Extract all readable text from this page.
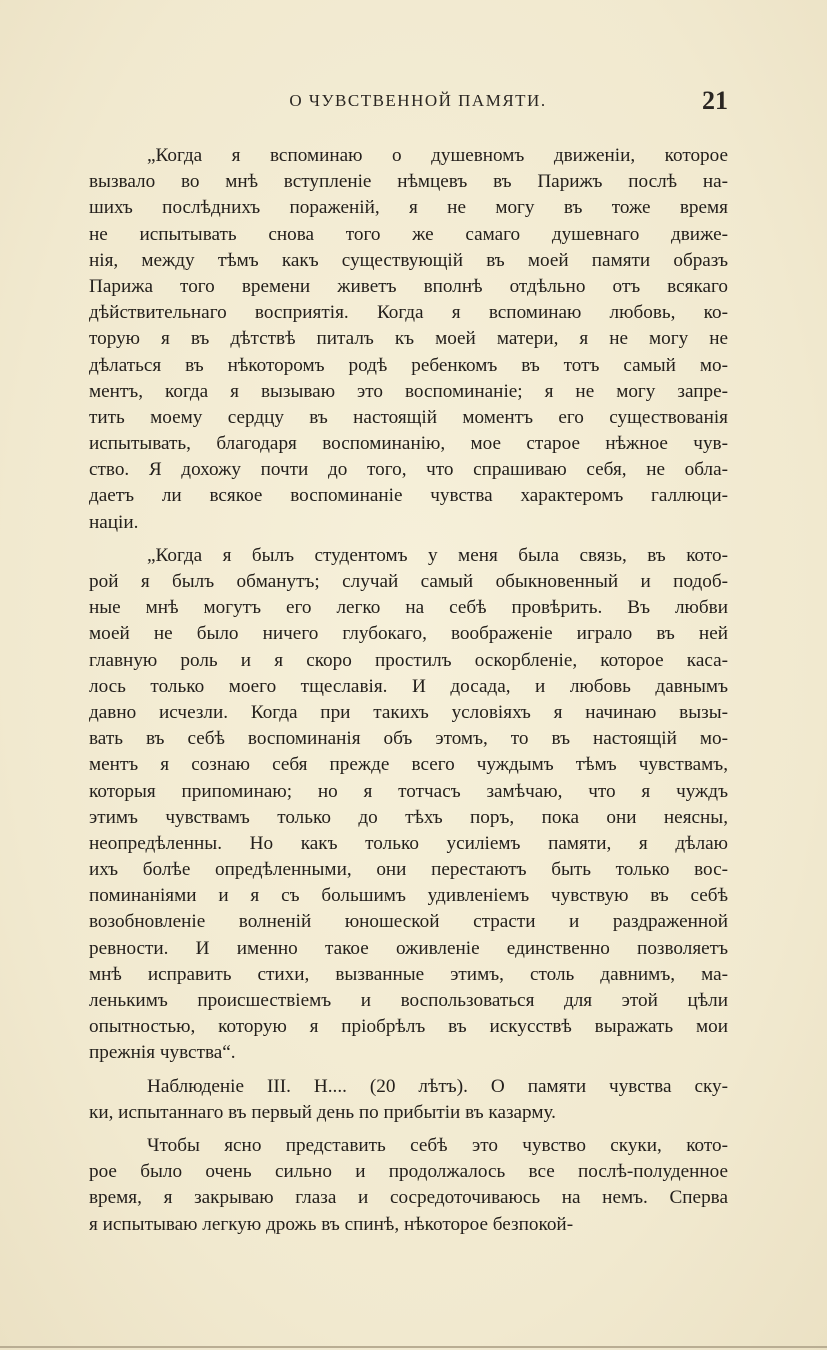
О ЧУВСТВЕННОЙ ПАМЯТИ.	21
„Когда я вспоминаю о душевномъ движеніи, которое
вызвало во мнѣ вступленіе нѣмцевъ въ Парижъ послѣ на-
шихъ послѣднихъ пораженій, я не могу въ тоже время
не испытывать снова того же самаго душевнаго движе-
нія, между тѣмъ какъ существующій въ моей памяти образъ
Парижа того времени живетъ вполнѣ отдѣльно отъ всякаго
дѣйствительнаго восприятія. Когда я вспоминаю любовь, ко-
торую я въ дѣтствѣ питалъ къ моей матери, я не могу не
дѣлаться въ нѣкоторомъ родѣ ребенкомъ въ тотъ самый мо-
ментъ, когда я вызываю это воспоминаніе; я не могу запре-
тить моему сердцу въ настоящій моментъ его существованія
испытывать, благодаря воспоминанію, мое старое нѣжное чув-
ство. Я дохожу почти до того, что спрашиваю себя, не обла-
даетъ ли всякое воспоминаніе чувства характеромъ галлюци-
націи.
„Когда я былъ студентомъ у меня была связь, въ кото-
рой я былъ обманутъ; случай самый обыкновенный и подоб-
ные мнѣ могутъ его легко на себѣ провѣрить. Въ любви
моей не было ничего глубокаго, воображеніе играло въ ней
главную роль и я скоро простилъ оскорбленіе, которое каса-
лось только моего тщеславія. И досада, и любовь давнымъ
давно исчезли. Когда при такихъ условіяхъ я начинаю вызы-
вать въ себѣ воспоминанія объ этомъ, то въ настоящій мо-
ментъ я сознаю себя прежде всего чуждымъ тѣмъ чувствамъ,
которыя припоминаю; но я тотчасъ замѣчаю, что я чуждъ
этимъ чувствамъ только до тѣхъ поръ, пока они неясны,
неопредѣленны. Но какъ только усиліемъ памяти, я дѣлаю
ихъ болѣе опредѣленными, они перестаютъ быть только вос-
поминаніями и я съ большимъ удивленіемъ чувствую въ себѣ
возобновленіе волненій юношеской страсти и раздраженной
ревности. И именно такое оживленіе единственно позволяетъ
мнѣ исправить стихи, вызванные этимъ, столь давнимъ, ма-
ленькимъ происшествіемъ и воспользоваться для этой цѣли
опытностью, которую я пріобрѣлъ въ искусствѣ выражать мои
прежнія чувства“.
Наблюденіе III. Н.... (20 лѣтъ). О памяти чувства ску-
ки, испытаннаго въ первый день по прибытіи въ казарму.
Чтобы ясно представить себѣ это чувство скуки, кото-
рое было очень сильно и продолжалось все послѣ-полуденное
время, я закрываю глаза и сосредоточиваюсь на немъ. Сперва
я испытываю легкую дрожь въ спинѣ, нѣкоторое безпокой-
